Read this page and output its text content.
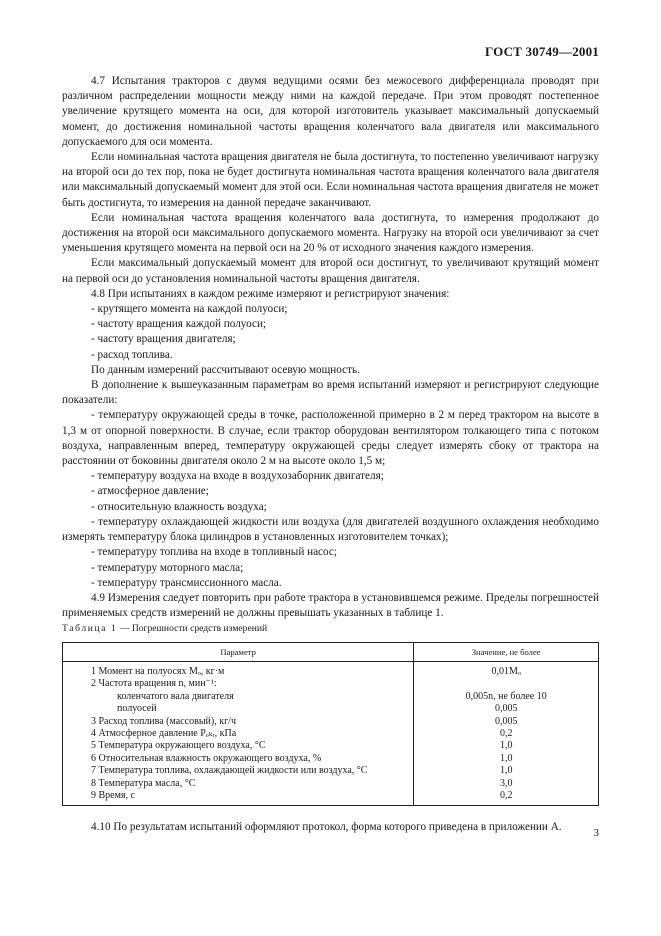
ГОСТ 30749—2001

4.7 Испытания тракторов с двумя ведущими осями без межосевого дифференциала проводят при различном распределении мощности между ними на каждой передаче. При этом проводят постепенное увеличение крутящего момента на оси, для которой изготовитель указывает максимальный допускаемый момент, до достижения номинальной частоты вращения коленчатого вала двигателя или максимального допускаемого для оси момента.

Если номинальная частота вращения двигателя не была достигнута, то постепенно увеличивают нагрузку на второй оси до тех пор, пока не будет достигнута номинальная частота вращения коленчатого вала двигателя или максимальный допускаемый момент для этой оси. Если номинальная частота вращения двигателя не может быть достигнута, то измерения на данной передаче заканчивают.

Если номинальная частота вращения коленчатого вала достигнута, то измерения продолжают до достижения на второй оси максимального допускаемого момента. Нагрузку на второй оси увеличивают за счет уменьшения крутящего момента на первой оси на 20 % от исходного значения каждого измерения.

Если максимальный допускаемый момент для второй оси достигнут, то увеличивают крутящий момент на первой оси до установления номинальной частоты вращения двигателя.

4.8 При испытаниях в каждом режиме измеряют и регистрируют значения:

- крутящего момента на каждой полуоси;

- частоту вращения каждой полуоси;

- частоту вращения двигателя;

- расход топлива.

По данным измерений рассчитывают осевую мощность.

В дополнение к вышеуказанным параметрам во время испытаний измеряют и регистрируют следующие показатели:

- температуру окружающей среды в точке, расположенной примерно в 2 м перед трактором на высоте в 1,3 м от опорной поверхности. В случае, если трактор оборудован вентилятором толкающего типа с потоком воздуха, направленным вперед, температуру окружающей среды следует измерять сбоку от трактора на расстоянии от боковины двигателя около 2 м на высоте около 1,5 м;

- температуру воздуха на входе в воздухозаборник двигателя;

- атмосферное давление;

- относительную влажность воздуха;

- температуру охлаждающей жидкости или воздуха (для двигателей воздушного охлаждения необходимо измерять температуру блока цилиндров в установленных изготовителем точках);

- температуру топлива на входе в топливный насос;

- температуру моторного масла;

- температуру трансмиссионного масла.

4.9 Измерения следует повторить при работе трактора в установившемся режиме. Пределы погрешностей применяемых средств измерений не должны превышать указанных в таблице 1.

Таблица 1 — Погрешности средств измерений

Параметр	Значение, не более
1 Момент на полуосях Mₒ, кг·м	0,01Mₒ
2 Частота вращения n, мин⁻¹:	
коленчатого вала двигателя	0,005n, не более 10
полуосей	0,005
3 Расход топлива (массовый), кг/ч	0,005
4 Атмосферное давление Pₒₖᵣ, кПа	0,2
5 Температура окружающего воздуха, °С	1,0
6 Относительная влажность окружающего воздуха, %	1,0
7 Температура топлива, охлаждающей жидкости или воздуха, °С	1,0
8 Температура масла, °С	3,0
9 Время, с	0,2

4.10 По результатам испытаний оформляют протокол, форма которого приведена в приложении А.	3
